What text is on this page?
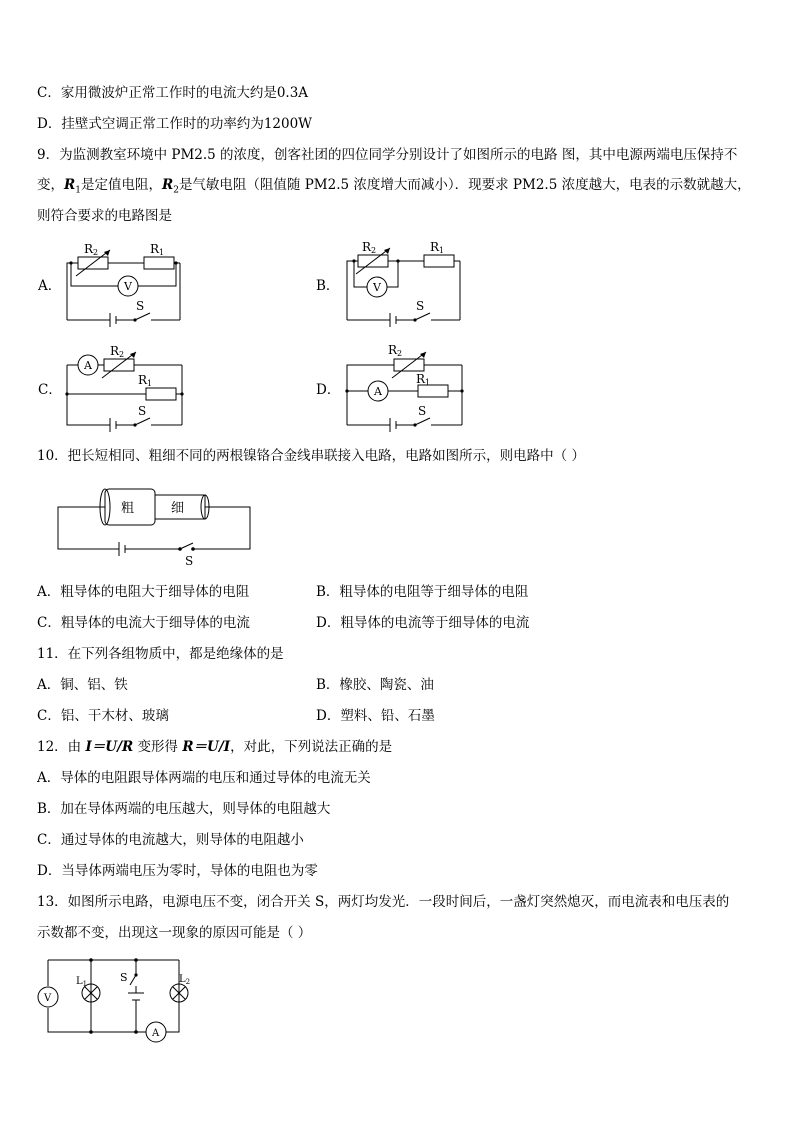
C．家用微波炉正常工作时的电流大约是0.3A
D．挂壁式空调正常工作时的功率约为1200W
9．为监测教室环境中 PM2.5 的浓度，创客社团的四位同学分别设计了如图所示的电路 图，其中电源两端电压保持不
变，$R_1$是定值电阻，$R_2$是气敏电阻（阻值随 PM2.5 浓度增大而减小）．现要求 PM2.5 浓度越大，电表的示数就越大，
则符合要求的电路图是
A．	B．
C．	D．
R2	R1
V
S
R2	R1
V
S
A
R2
R1
S
A
R2
R1
S
10．把长短相同、粗细不同的两根镍铬合金线串联接入电路，电路如图所示，则电路中（ ）
粗	细
S
A．粗导体的电阻大于细导体的电阻	B．粗导体的电阻等于细导体的电阻
C．粗导体的电流大于细导体的电流	D．粗导体的电流等于细导体的电流
11．在下列各组物质中，都是绝缘体的是
A．铜、铝、铁	B．橡胶、陶瓷、油
C．铝、干木材、玻璃	D．塑料、铅、石墨
12．由 I＝U/R 变形得 R＝U/I，对此，下列说法正确的是
A．导体的电阻跟导体两端的电压和通过导体的电流无关
B．加在导体两端的电压越大，则导体的电阻越大
C．通过导体的电流越大，则导体的电阻越小
D．当导体两端电压为零时，导体的电阻也为零
13．如图所示电路，电源电压不变，闭合开关 S，两灯均发光．一段时间后，一盏灯突然熄灭，而电流表和电压表的
示数都不变，出现这一现象的原因可能是（ ）
V
$L_1$	S	$L_2$
A
